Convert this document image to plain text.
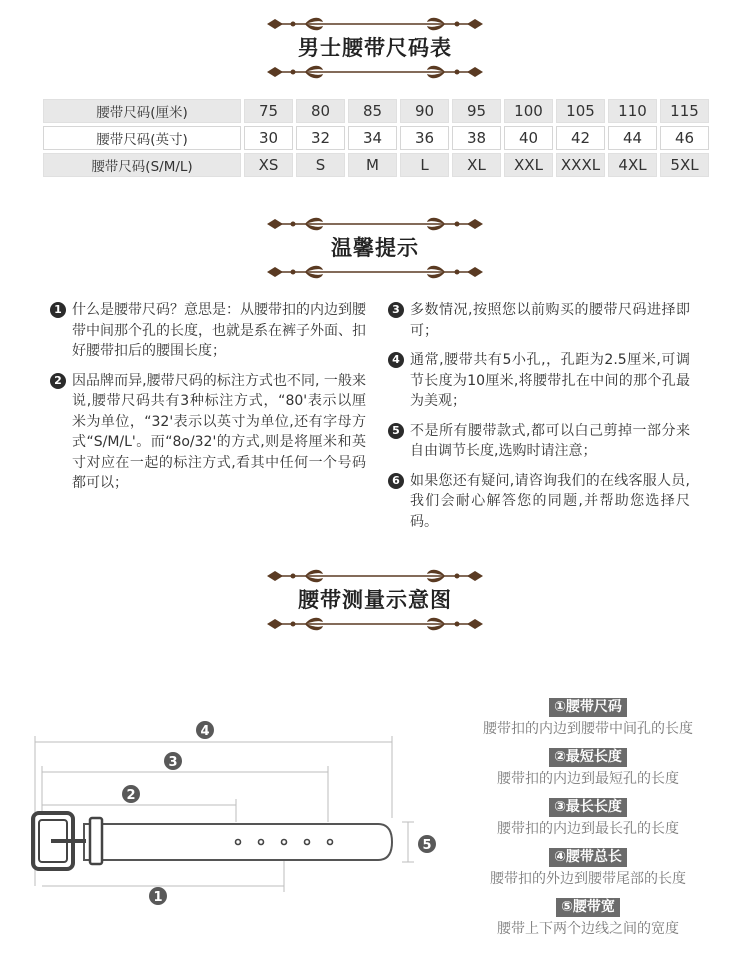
男士腰带尺码表
腰带尺码(厘米)	75	80	85	90	95	100	105	110	115
腰带尺码(英寸)	30	32	34	36	38	40	42	44	46
腰带尺码(S/M/L)	XS	S	M	L	XL	XXL	XXXL	4XL	5XL
温馨提示
1 什么是腰带尺码？意思是：从腰带扣的内边到腰带中间那个孔的长度，也就是系在裤子外面、扣好腰带扣后的腰围长度；
2 因品牌而异,腰带尺码的标注方式也不同, 一般来说,腰带尺码共有3种标注方式，“80'表示以厘米为单位，“32'表示以英寸为单位,还有字母方式“S/M/L'。而“8o/32'的方式,则是将厘米和英寸对应在一起的标注方式,看其中任何一个号码都可以；
3 多数情况,按照您以前购买的腰带尺码进择即可；
4 通常,腰带共有5小孔,，孔距为2.5厘米,可调节长度为10厘米,将腰带扎在中间的那个孔最为美观；
5 不是所有腰带款式,都可以白己剪掉一部分来自由调节长度,选购时请注意；
6 如果您还有疑问,请咨询我们的在线客服人员,我们会耐心解答您的同题,并帮助您选择尺码。
腰带测量示意图
4
3
2
1
5
①腰带尺码
腰带扣的内边到腰带中间孔的长度
②最短长度
腰带扣的内边到最短孔的长度
③最长长度
腰带扣的内边到最长孔的长度
④腰带总长
腰带扣的外边到腰带尾部的长度
⑤腰带宽
腰带上下两个边线之间的宽度
